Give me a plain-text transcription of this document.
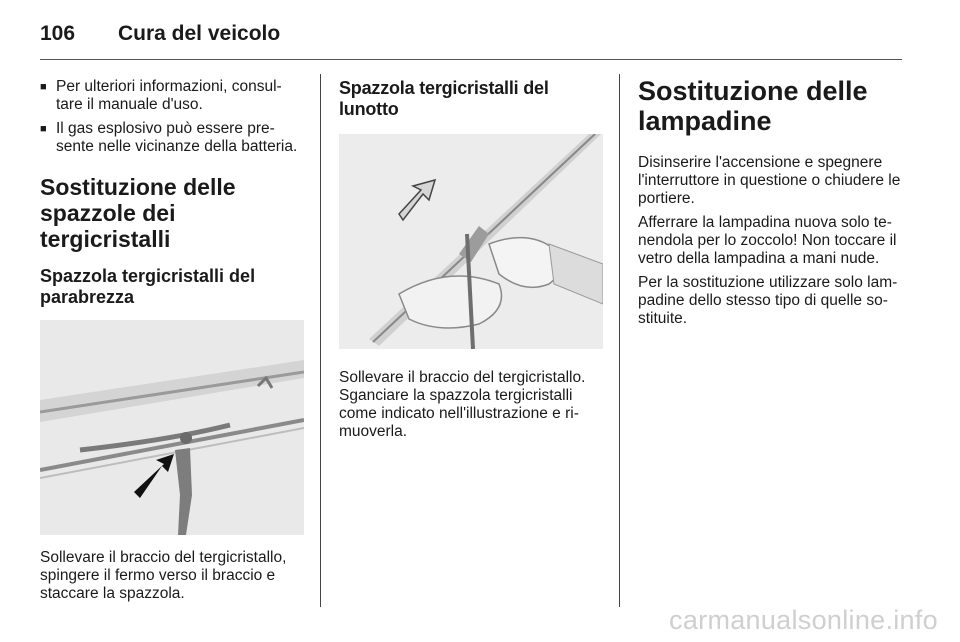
106 Cura del veicolo
■ Per ulteriori informazioni, consul-tare il manuale d'uso.
■ Il gas esplosivo può essere pre-sente nelle vicinanze della batteria.
Sostituzione delle spazzole dei tergicristalli
Spazzola tergicristalli del parabrezza

Sollevare il braccio del tergicristallo, spingere il fermo verso il braccio e staccare la spazzola.

Spazzola tergicristalli del lunotto

Sollevare il braccio del tergicristallo. Sganciare la spazzola tergicristalli come indicato nell'illustrazione e ri-muoverla.

Sostituzione delle lampadine

Disinserire l'accensione e spegnere l'interruttore in questione o chiudere le portiere.

Afferrare la lampadina nuova solo te-nendola per lo zoccolo! Non toccare il vetro della lampadina a mani nude.

Per la sostituzione utilizzare solo lam-padine dello stesso tipo di quelle so-stituite.

carmanualsonline.info
